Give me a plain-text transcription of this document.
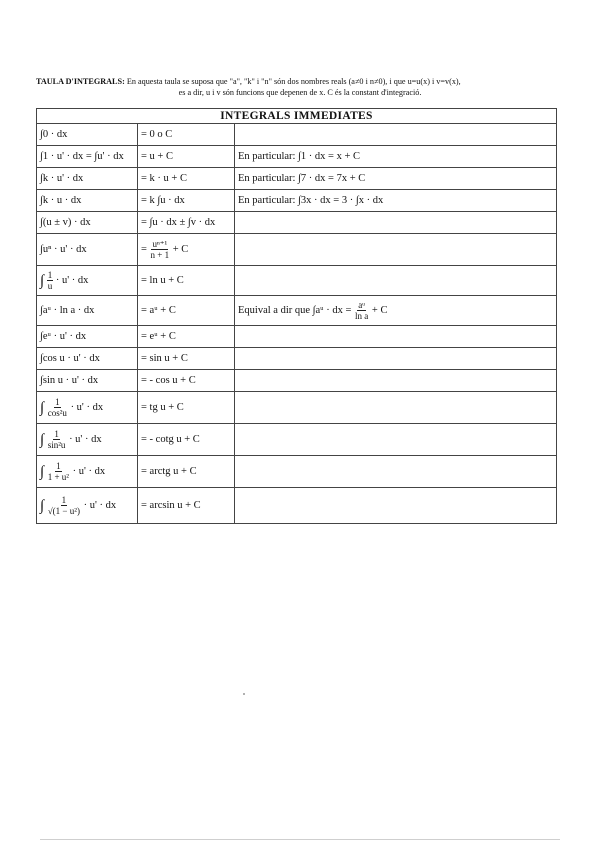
TAULA D'INTEGRALS: En aquesta taula se suposa que "a", "k" i "n" són dos nombres reals (a≠0 i n≠0), i que u=u(x) i v=v(x),
es a dir, u i v són funcions que depenen de x. C és la constant d'integració.
INTEGRALS IMMEDIATES		
∫0 · dx	= 0 o C	
∫1 · u' · dx = ∫u' · dx	= u + C	En particular: ∫1 · dx = x + C
∫k · u' · dx	= k · u + C	En particular: ∫7 · dx = 7x + C
∫k · u · dx	= k ∫u · dx	En particular: ∫3x · dx = 3 · ∫x · dx
∫(u ± v) · dx	= ∫u · dx ± ∫v · dx	
∫uⁿ · u' · dx	= $\frac{\text{uⁿ⁺¹}}{n + 1} + C$	
∫ $\frac{1}{u} \cdot u'$ · dx	= ln u + C	
∫aᵘ · ln a · dx	= aᵘ + C	Equival a dir que ∫aᵘ · dx = $\frac{\text{aᵘ}}{\text{ln a}} + C$
∫eᵘ · u' · dx	= eᵘ + C	
∫cos u · u' · dx	= sin u + C	
∫sin u · u' · dx	= - cos u + C	
∫ $\frac{1}{\text{cos²u}} \cdot u'$ · dx	= tg u + C	
∫ $\frac{1}{\text{sin²u}} \cdot u'$ · dx	= - cotg u + C	
∫ $\frac{1}{\text{1 + u²}} \cdot u'$ · dx	= arctg u + C	
∫ $\frac{1}{\text{√(1 − u²)}} \cdot u'$ · dx	= arcsin u + C	
